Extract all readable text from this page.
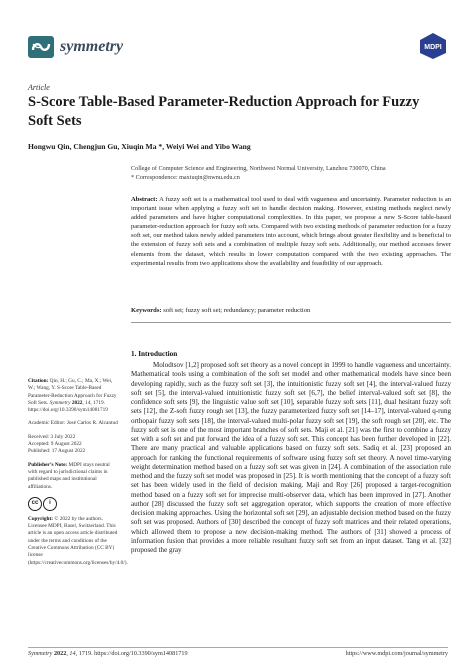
symmetry	MDPI
Article
S-Score Table-Based Parameter-Reduction Approach for Fuzzy
Soft Sets
Hongwu Qin, Chengjun Gu, Xiuqin Ma *, Weiyi Wei and Yibo Wang
College of Computer Science and Engineering, Northwest Normal University, Lanzhou 730070, China
* Correspondence: maxiuqin@nwnu.edu.cn
Abstract: A fuzzy soft set is a mathematical tool used to deal with vagueness and uncertainty. Parameter reduction is an important issue when applying a fuzzy soft set to handle decision making. However, existing methods neglect newly added parameters and have higher computational complexities. In this paper, we propose a new S-Score table-based parameter-reduction approach for fuzzy soft sets. Compared with two existing methods of parameter reduction for a fuzzy soft set, our method takes newly added parameters into account, which brings about greater flexibility and is beneficial to the extension of fuzzy soft sets and a combination of multiple fuzzy soft sets. Additionally, our method accesses fewer elements from the dataset, which results in lower computation compared with the two existing approaches. The experimental results from two applications show the availability and feasibility of our approach.
Keywords: soft set; fuzzy soft set; redundancy; parameter reduction
1. Introduction
Molodtsov [1,2] proposed soft set theory as a novel concept in 1999 to handle vagueness and uncertainty. Mathematical tools using a combination of the soft set model and other mathematical models have since been developing rapidly, such as the fuzzy soft set [3], the intuitionistic fuzzy soft set [4], the interval-valued fuzzy soft set [5], the interval-valued intuitionistic fuzzy soft set [6,7], the belief interval-valued soft set [8], the confidence soft sets [9], the linguistic value soft set [10], separable fuzzy soft sets [11], dual hesitant fuzzy soft sets [12], the Z-soft fuzzy rough set [13], the fuzzy parameterized fuzzy soft set [14–17], interval-valued q-rung orthopair fuzzy soft sets [18], the interval-valued multi-polar fuzzy soft set [19], the soft rough set [20], etc. The fuzzy soft set is one of the most important branches of soft sets. Maji et al. [21] was the first to combine a fuzzy set with a soft set and put forward the idea of a fuzzy soft set. This concept has been further developed in [22]. There are many practical and valuable applications based on fuzzy soft sets. Sadiq et al. [23] proposed an approach for ranking the functional requirements of software using fuzzy soft set theory. A novel time-varying weight determination method based on a fuzzy soft set was given in [24]. A combination of the association rule method and the fuzzy soft set model was proposed in [25]. It is worth mentioning that the concept of a fuzzy soft set has been widely used in the field of decision making. Maji and Roy [26] proposed a target-recognition method based on a fuzzy soft set for imprecise multi-observer data, which has been improved in [27]. Another author [28] discussed the fuzzy soft set aggregation operator, which supports the creation of more effective decision making approaches. Using the horizontal soft set [29], an adjustable decision method based on the fuzzy soft set was proposed. Authors of [30] described the concept of fuzzy soft matrices and their related operations, which allowed them to propose a new decision-making method. The authors of [31] showed a process of information fusion that provides a more reliable resultant fuzzy soft set from an input dataset. Tang et al. [32] proposed the gray

Citation: Qin, H.; Gu, C.; Ma, X.; Wei, W.; Wang, Y. S-Score Table-Based Parameter-Reduction Approach for Fuzzy Soft Sets. Symmetry 2022, 14, 1719. https://doi.org/10.3390/sym14081719

Academic Editor: José Carlos R. Alcantud

Received: 3 July 2022
Accepted: 9 August 2022
Published: 17 August 2022

Publisher’s Note: MDPI stays neutral with regard to jurisdictional claims in published maps and institutional affiliations.

cc	i

Copyright: © 2022 by the authors. Licensee MDPI, Basel, Switzerland. This article is an open access article distributed under the terms and conditions of the Creative Commons Attribution (CC BY) license (https://creativecommons.org/licenses/by/4.0/).

Symmetry 2022, 14, 1719. https://doi.org/10.3390/sym14081719	https://www.mdpi.com/journal/symmetry
